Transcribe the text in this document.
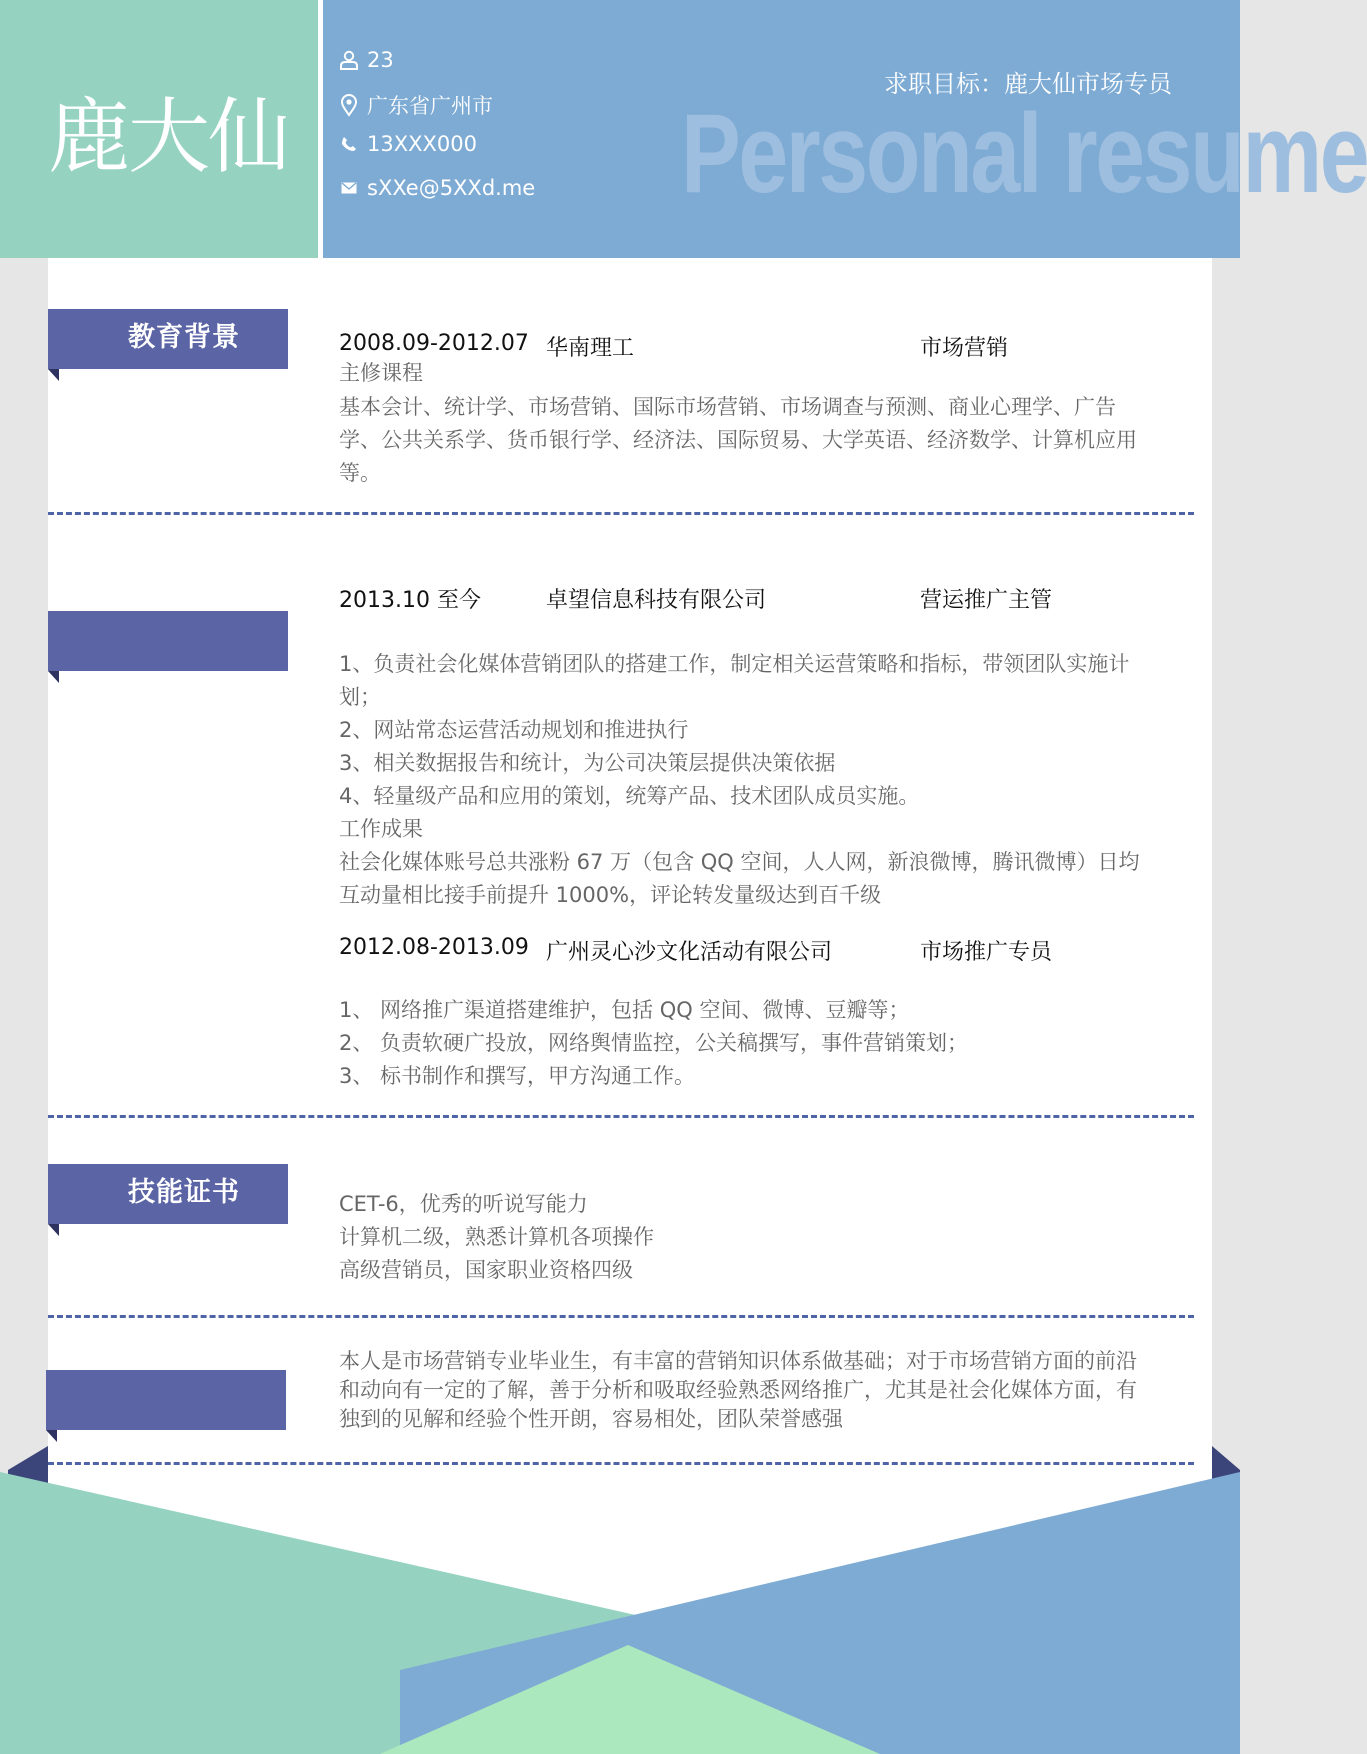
鹿大仙
23
广东省广州市
13XXX000
sXXe@5XXd.me
求职目标：鹿大仙市场专员
Personal resume
教育背景	2008.09-2012.07 华南理工	市场营销
主修课程
基本会计、统计学、市场营销、国际市场营销、市场调查与预测、商业心理学、广告
学、公共关系学、货币银行学、经济法、国际贸易、大学英语、经济数学、计算机应用
等。
2013.10 至今	卓望信息科技有限公司	营运推广主管
1、负责社会化媒体营销团队的搭建工作，制定相关运营策略和指标，带领团队实施计
划；
2、网站常态运营活动规划和推进执行
3、相关数据报告和统计，为公司决策层提供决策依据
4、轻量级产品和应用的策划，统筹产品、技术团队成员实施。
工作成果
社会化媒体账号总共涨粉 67 万（包含 QQ 空间，人人网，新浪微博，腾讯微博）日均
互动量相比接手前提升 1000%，评论转发量级达到百千级
2012.08-2013.09 广州灵心沙文化活动有限公司	市场推广专员
1、 网络推广渠道搭建维护，包括 QQ 空间、微博、豆瓣等；
2、 负责软硬广投放，网络舆情监控，公关稿撰写，事件营销策划；
3、 标书制作和撰写，甲方沟通工作。
技能证书	CET-6，优秀的听说写能力
计算机二级，熟悉计算机各项操作
高级营销员，国家职业资格四级
本人是市场营销专业毕业生，有丰富的营销知识体系做基础；对于市场营销方面的前沿
和动向有一定的了解，善于分析和吸取经验熟悉网络推广，尤其是社会化媒体方面，有
独到的见解和经验个性开朗，容易相处，团队荣誉感强
